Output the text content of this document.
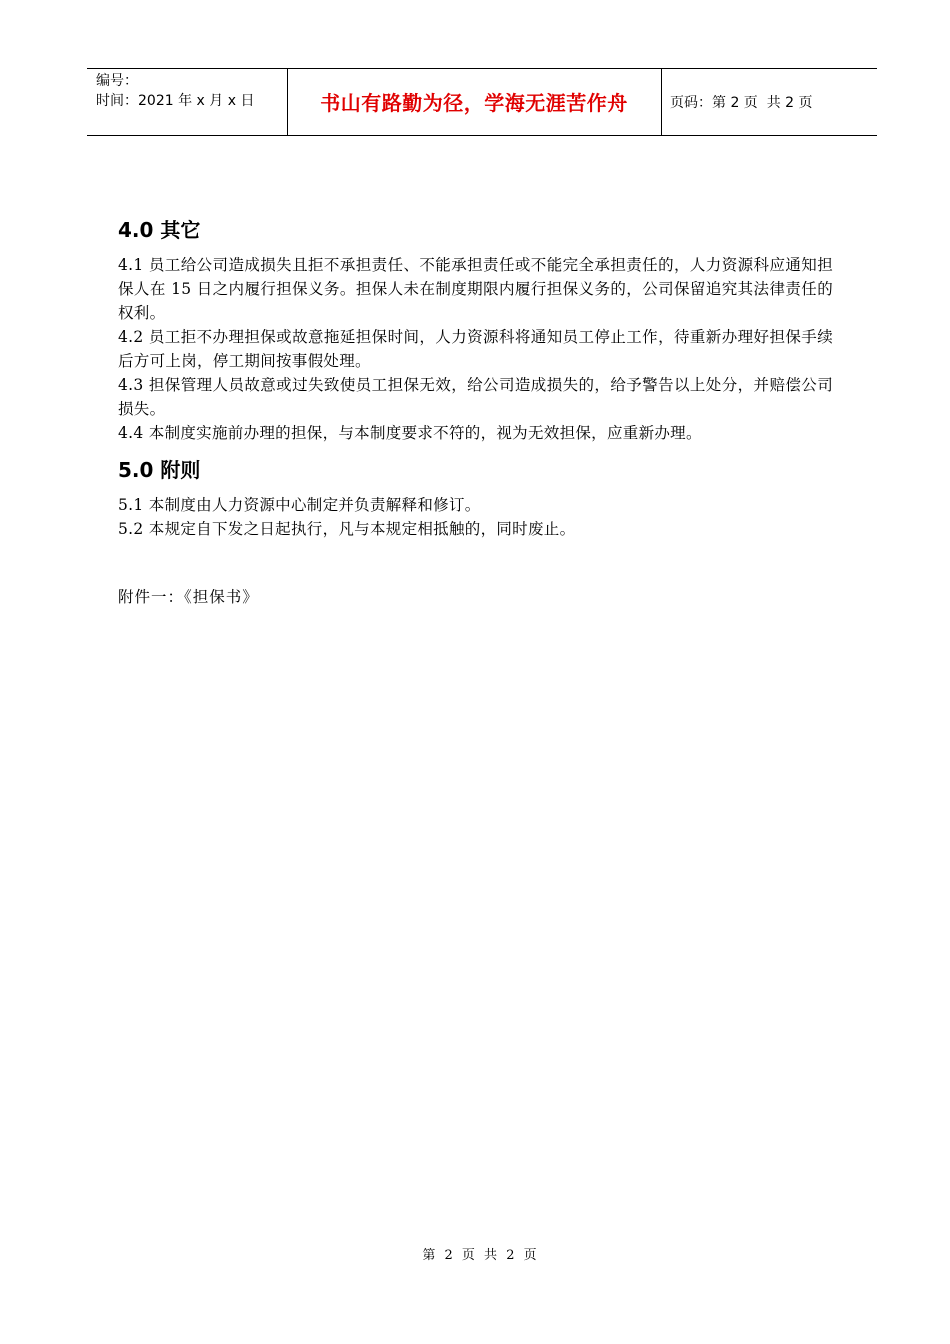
编号：
时间：2021 年 x 月 x 日	书山有路勤为径，学海无涯苦作舟	页码：第 2 页  共 2 页
4.0 其它

4.1 员工给公司造成损失且拒不承担责任、不能承担责任或不能完全承担责任的，人力资源科应通知担保人在 15 日之内履行担保义务。担保人未在制度期限内履行担保义务的，公司保留追究其法律责任的权利。

4.2 员工拒不办理担保或故意拖延担保时间，人力资源科将通知员工停止工作，待重新办理好担保手续后方可上岗，停工期间按事假处理。

4.3 担保管理人员故意或过失致使员工担保无效，给公司造成损失的，给予警告以上处分，并赔偿公司损失。

4.4 本制度实施前办理的担保，与本制度要求不符的，视为无效担保，应重新办理。

5.0 附则

5.1 本制度由人力资源中心制定并负责解释和修订。

5.2 本规定自下发之日起执行，凡与本规定相抵触的，同时废止。

附件一：《担保书》
第 2 页 共 2 页
